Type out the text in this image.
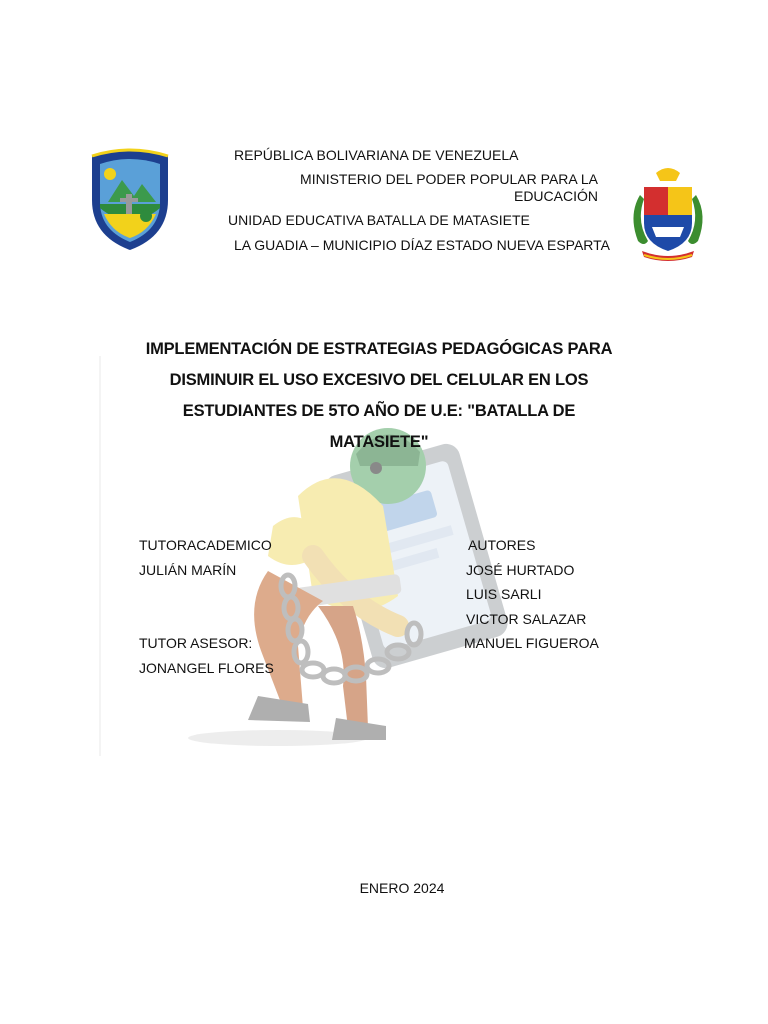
REPÚBLICA BOLIVARIANA DE VENEZUELA
MINISTERIO DEL PODER POPULAR PARA LA EDUCACIÓN
UNIDAD EDUCATIVA BATALLA DE MATASIETE
LA GUADIA – MUNICIPIO DÍAZ ESTADO NUEVA ESPARTA
IMPLEMENTACIÓN DE ESTRATEGIAS PEDAGÓGICAS PARA DISMINUIR EL USO EXCESIVO DEL CELULAR EN LOS ESTUDIANTES DE 5TO AÑO DE U.E: "BATALLA DE MATASIETE"
TUTORACADEMICO
JULIÁN MARÍN
TUTOR ASESOR:
JONANGEL FLORES
AUTORES
JOSÉ HURTADO
LUIS SARLI
VICTOR SALAZAR
MANUEL FIGUEROA
ENERO 2024
